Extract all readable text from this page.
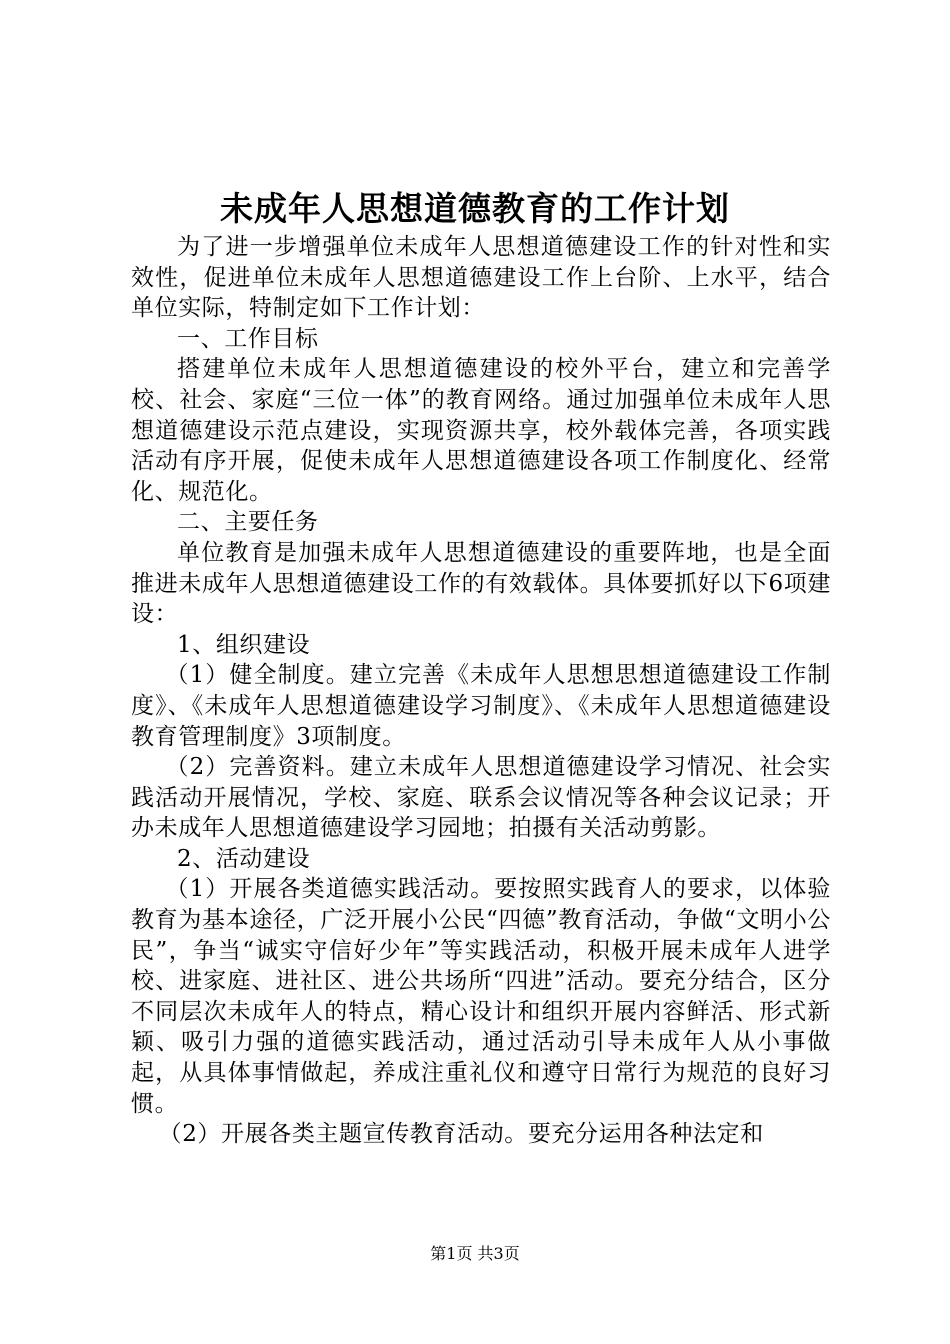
未成年人思想道德教育的工作计划

为了进一步增强单位未成年人思想道德建设工作的针对性和实效性，促进单位未成年人思想道德建设工作上台阶、上水平，结合单位实际，特制定如下工作计划：

一、工作目标

搭建单位未成年人思想道德建设的校外平台，建立和完善学校、社会、家庭“三位一体”的教育网络。通过加强单位未成年人思想道德建设示范点建设，实现资源共享，校外载体完善，各项实践活动有序开展，促使未成年人思想道德建设各项工作制度化、经常化、规范化。

二、主要任务

单位教育是加强未成年人思想道德建设的重要阵地，也是全面推进未成年人思想道德建设工作的有效载体。具体要抓好以下6项建设：

1、组织建设

（1）健全制度。建立完善《未成年人思想思想道德建设工作制度》、《未成年人思想道德建设学习制度》、《未成年人思想道德建设教育管理制度》3项制度。

（2）完善资料。建立未成年人思想道德建设学习情况、社会实践活动开展情况，学校、家庭、联系会议情况等各种会议记录；开办未成年人思想道德建设学习园地；拍摄有关活动剪影。

2、活动建设

（1）开展各类道德实践活动。要按照实践育人的要求，以体验教育为基本途径，广泛开展小公民“四德”教育活动，争做“文明小公民”，争当“诚实守信好少年”等实践活动，积极开展未成年人进学校、进家庭、进社区、进公共场所“四进”活动。要充分结合，区分不同层次未成年人的特点，精心设计和组织开展内容鲜活、形式新颖、吸引力强的道德实践活动，通过活动引导未成年人从小事做起，从具体事情做起，养成注重礼仪和遵守日常行为规范的良好习惯。

（2）开展各类主题宣传教育活动。要充分运用各种法定和

第1页 共3页
